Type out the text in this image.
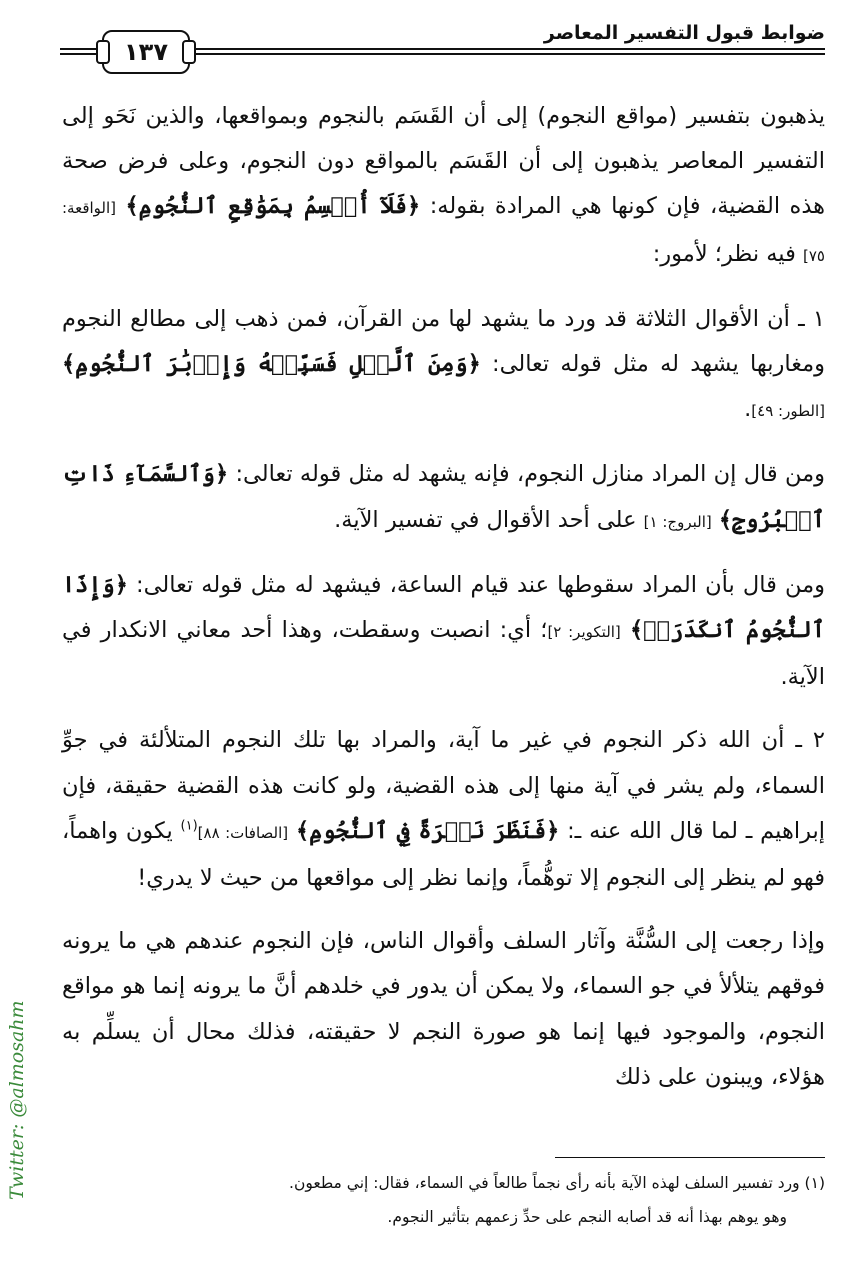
١٣٧
ضوابط قبول التفسير المعاصر

يذهبون بتفسير (مواقع النجوم) إلى أن القَسَم بالنجوم وبمواقعها، والذين نَحَو إلى التفسير المعاصر يذهبون إلى أن القَسَم بالمواقع دون النجوم، وعلى فرض صحة هذه القضية، فإن كونها هي المرادة بقوله: ﴿فَلَآ أُقۡسِمُ بِمَوَٰقِعِ ٱلنُّجُومِ﴾ [الواقعة: ٧٥] فيه نظر؛ لأمور:

١ ـ أن الأقوال الثلاثة قد ورد ما يشهد لها من القرآن، فمن ذهب إلى مطالع النجوم ومغاربها يشهد له مثل قوله تعالى: ﴿وَمِنَ ٱلَّيۡلِ فَسَبِّحۡهُ وَإِدۡبَٰرَ ٱلنُّجُومِ﴾ [الطور: ٤٩].

ومن قال إن المراد منازل النجوم، فإنه يشهد له مثل قوله تعالى: ﴿وَٱلسَّمَآءِ ذَاتِ ٱلۡبُرُوجِ﴾ [البروج: ١] على أحد الأقوال في تفسير الآية.

ومن قال بأن المراد سقوطها عند قيام الساعة، فيشهد له مثل قوله تعالى: ﴿وَإِذَا ٱلنُّجُومُ ٱنكَدَرَتۡ﴾ [التكوير: ٢]؛ أي: انصبت وسقطت، وهذا أحد معاني الانكدار في الآية.

٢ ـ أن الله ذكر النجوم في غير ما آية، والمراد بها تلك النجوم المتلألئة في جوِّ السماء، ولم يشر في آية منها إلى هذه القضية، ولو كانت هذه القضية حقيقة، فإن إبراهيم ـ لما قال الله عنه ـ: ﴿فَنَظَرَ نَظۡرَةً فِي ٱلنُّجُومِ﴾ [الصافات: ٨٨]$^{(١)}$ يكون واهماً، فهو لم ينظر إلى النجوم إلا توهُّماً، وإنما نظر إلى مواقعها من حيث لا يدري!

وإذا رجعت إلى السُّنَّة وآثار السلف وأقوال الناس، فإن النجوم عندهم هي ما يرونه فوقهم يتلألأ في جو السماء، ولا يمكن أن يدور في خلدهم أنَّ ما يرونه إنما هو مواقع النجوم، والموجود فيها إنما هو صورة النجم لا حقيقته، فذلك محال أن يسلِّم به هؤلاء، ويبنون على ذلك

(١) ورد تفسير السلف لهذه الآية بأنه رأى نجماً طالعاً في السماء، فقال: إني مطعون.

وهو يوهم بهذا أنه قد أصابه النجم على حدِّ زعمهم بتأثير النجوم.

Twitter: @almosahm
